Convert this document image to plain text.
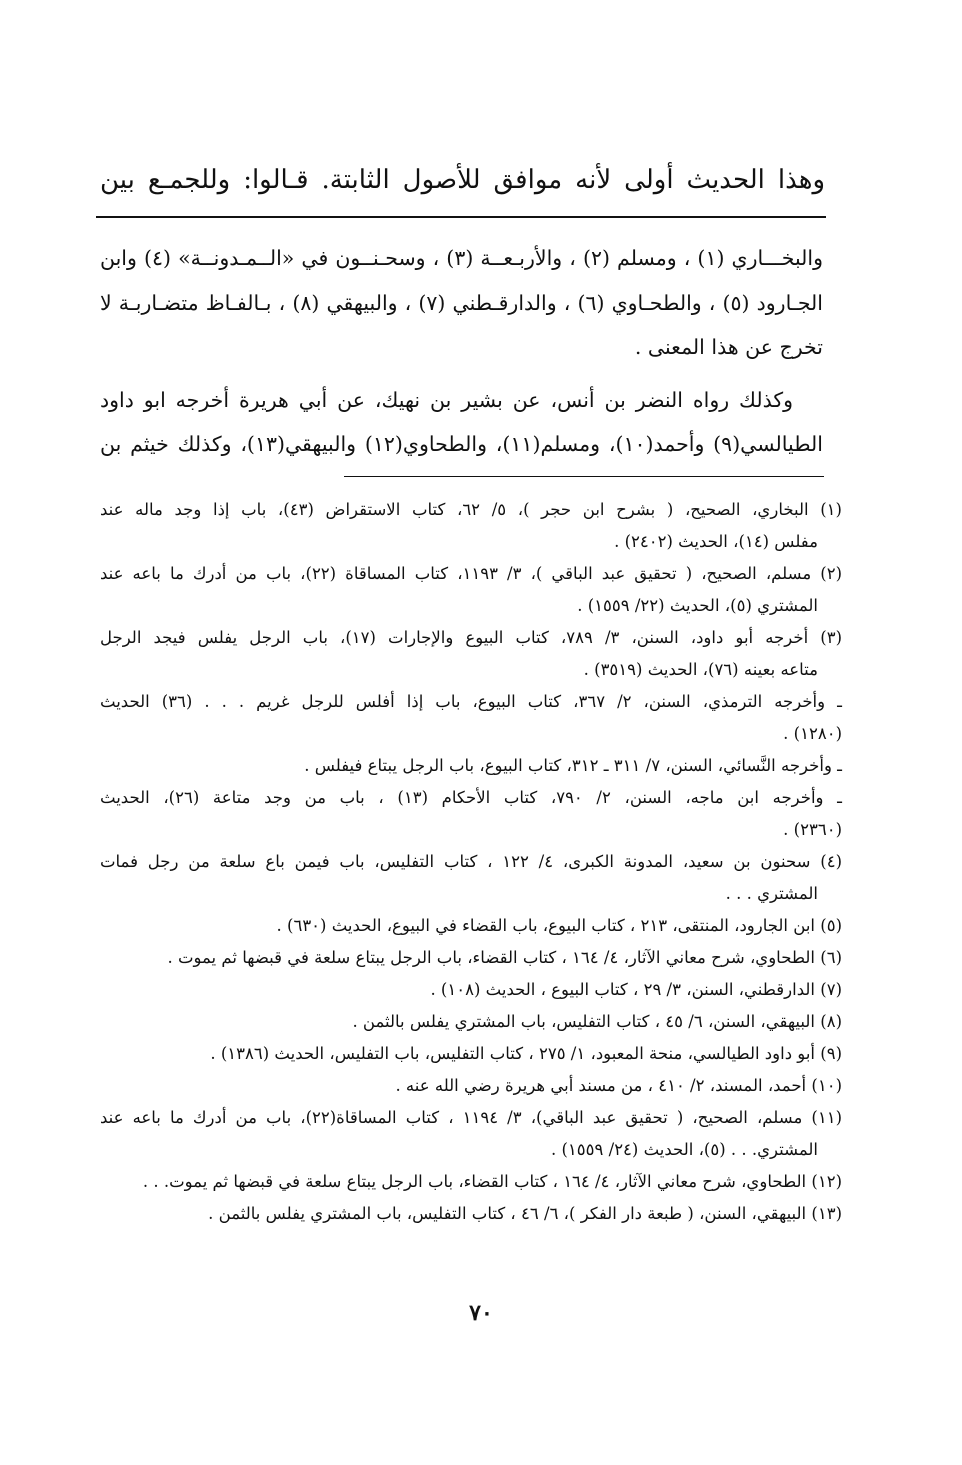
وهذا الحديث أولى لأنه موافق للأصول الثابتة. قـالوا: وللجمـع بين
والبخـــاري (١) ، ومسلم (٢) ، والأربـعــة (٣) ، وسحـنــون في «الــمـدونــة» (٤) وابن
الجـارود (٥) ، والطحـاوي (٦) ، والدارقـطني (٧) ، والبيهقي (٨) ، بـالفـاظ متضـاربـة لا
تخرج عن هذا المعنى .
وكذلك رواه النضر بن أنس، عن بشير بن نهيك، عن أبي هريرة أخرجه ابو داود
الطيالسي(٩) وأحمد(١٠)، ومسلم(١١)، والطحاوي(١٢) والبيهقي(١٣)، وكذلك خيثم بن
(١) البخاري، الصحيح، ( بشرح ابن حجر )، ٥/ ٦٢، كتاب الاستقراض (٤٣)، باب إذا وجد ماله عند
مفلس (١٤)، الحديث (٢٤٠٢) .
(٢) مسلم، الصحيح، ( تحقيق عبد الباقي )، ٣/ ١١٩٣، كتاب المساقاة (٢٢)، باب من أدرك ما باعه عند
المشتري (٥)، الحديث (٢٢/ ١٥٥٩) .
(٣) أخرجه أبو داود، السنن، ٣/ ٧٨٩، كتاب البيوع والإجارات (١٧)، باب الرجل يفلس فيجد الرجل
متاعه بعينه (٧٦)، الحديث (٣٥١٩) .
ـ وأخرجه الترمذي، السنن، ٢/ ٣٦٧، كتاب البيوع، باب إذا أفلس للرجل غريم . . . (٣٦) الحديث
(١٢٨٠) .
ـ وأخرجه النَّسائي، السنن، ٧/ ٣١١ ـ ٣١٢، كتاب البيوع، باب الرجل يبتاع فيفلس .
ـ وأخرجه ابن ماجه، السنن، ٢/ ٧٩٠، كتاب الأحكام (١٣) ، باب من وجد متاعة (٢٦)، الحديث
(٢٣٦٠) .
(٤) سحنون بن سعيد، المدونة الكبرى، ٤/ ١٢٢ ، كتاب التفليس، باب فيمن باع سلعة من رجل فمات
المشتري . . .
(٥) ابن الجارود، المنتقى، ٢١٣ ، كتاب البيوع، باب القضاء في البيوع، الحديث (٦٣٠) .
(٦) الطحاوي، شرح معاني الآثار، ٤/ ١٦٤ ، كتاب القضاء، باب الرجل يبتاع سلعة في قبضها ثم يموت .
(٧) الدارقطني، السنن، ٣/ ٢٩ ، كتاب البيوع ، الحديث (١٠٨) .
(٨) البيهقي، السنن، ٦/ ٤٥ ، كتاب التفليس، باب المشتري يفلس بالثمن .
(٩) أبو داود الطيالسي، منحة المعبود، ١/ ٢٧٥ ، كتاب التفليس، باب التفليس، الحديث (١٣٨٦) .
(١٠) أحمد، المسند، ٢/ ٤١٠ ، من مسند أبي هريرة رضي الله عنه .
(١١) مسلم، الصحيح، ( تحقيق عبد الباقي)، ٣/ ١١٩٤ ، كتاب المساقاة(٢٢)، باب من أدرك ما باعه عند
المشتري. . . (٥)، الحديث (٢٤/ ١٥٥٩) .
(١٢) الطحاوي، شرح معاني الآثار، ٤/ ١٦٤ ، كتاب القضاء، باب الرجل يبتاع سلعة في قبضها ثم يموت. . .
(١٣) البيهقي، السنن، ( طبعة دار الفكر )، ٦/ ٤٦ ، كتاب التفليس، باب المشتري يفلس بالثمن .
٧٠
